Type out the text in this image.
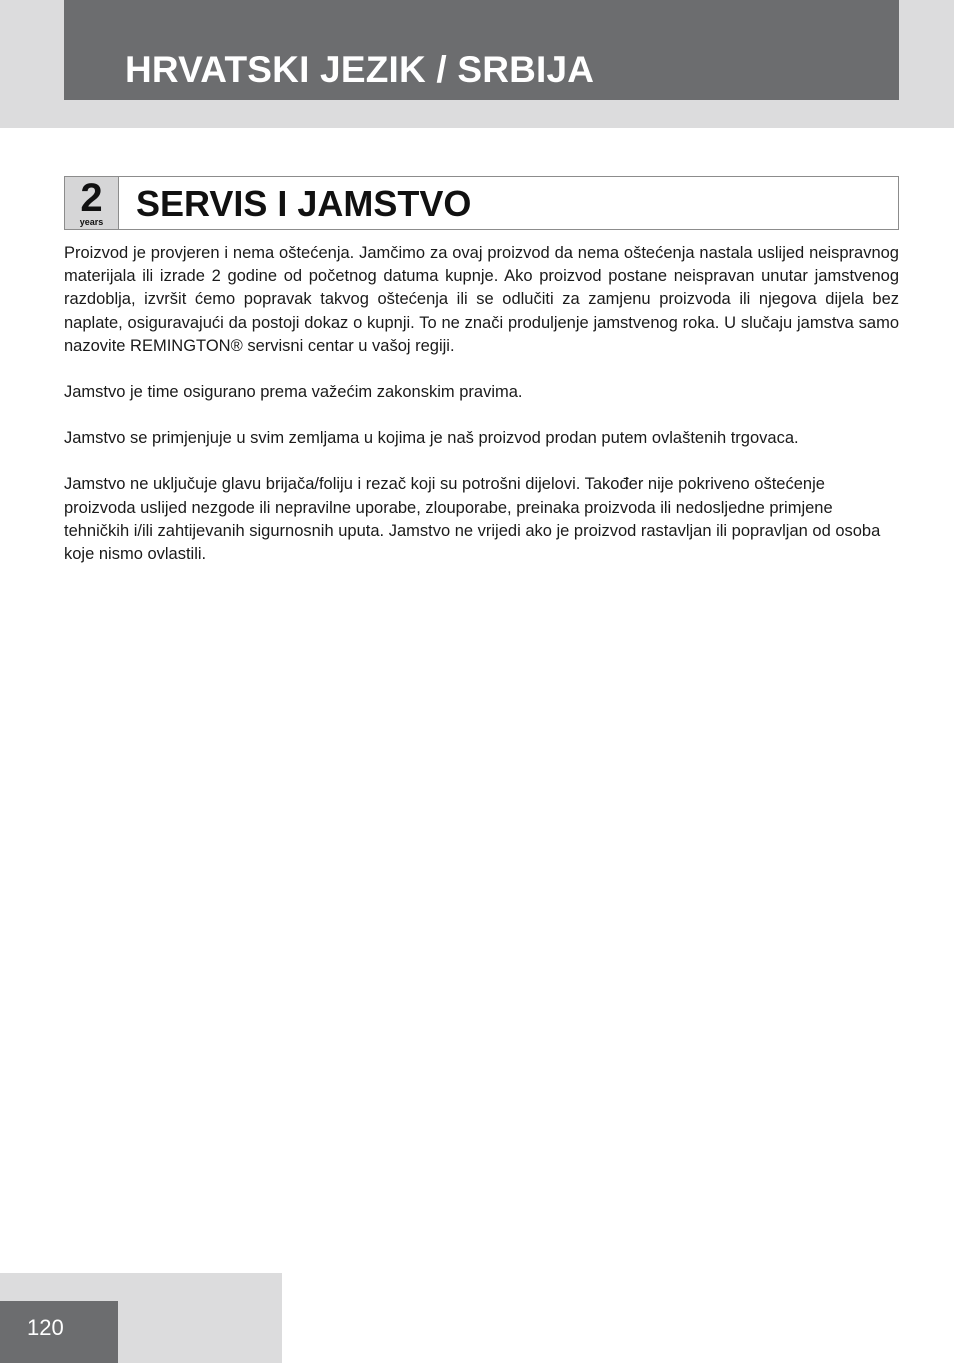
HRVATSKI JEZIK / SRBIJA
2
years SERVIS I JAMSTVO

Proizvod je provjeren i nema oštećenja. Jamčimo za ovaj proizvod da nema oštećenja nastala uslijed neispravnog materijala ili izrade 2 godine od početnog datuma kupnje. Ako proizvod postane neispravan unutar jamstvenog razdoblja, izvršit ćemo popravak takvog oštećenja ili se odlučiti za zamjenu proizvoda ili njegova dijela bez naplate, osiguravajući da postoji dokaz o kupnji. To ne znači produljenje jamstvenog roka. U slučaju jamstva samo nazovite REMINGTON® servisni centar u vašoj regiji.

Jamstvo je time osigurano prema važećim zakonskim pravima.

Jamstvo se primjenjuje u svim zemljama u kojima je naš proizvod prodan putem ovlaštenih trgovaca.

Jamstvo ne uključuje glavu brijača/foliju i rezač koji su potrošni dijelovi. Također nije pokriveno oštećenje proizvoda uslijed nezgode ili nepravilne uporabe, zlouporabe, preinaka proizvoda ili nedosljedne primjene tehničkih i/ili zahtijevanih sigurnosnih uputa. Jamstvo ne vrijedi ako je proizvod rastavljan ili popravljan od osoba koje nismo ovlastili.

120
